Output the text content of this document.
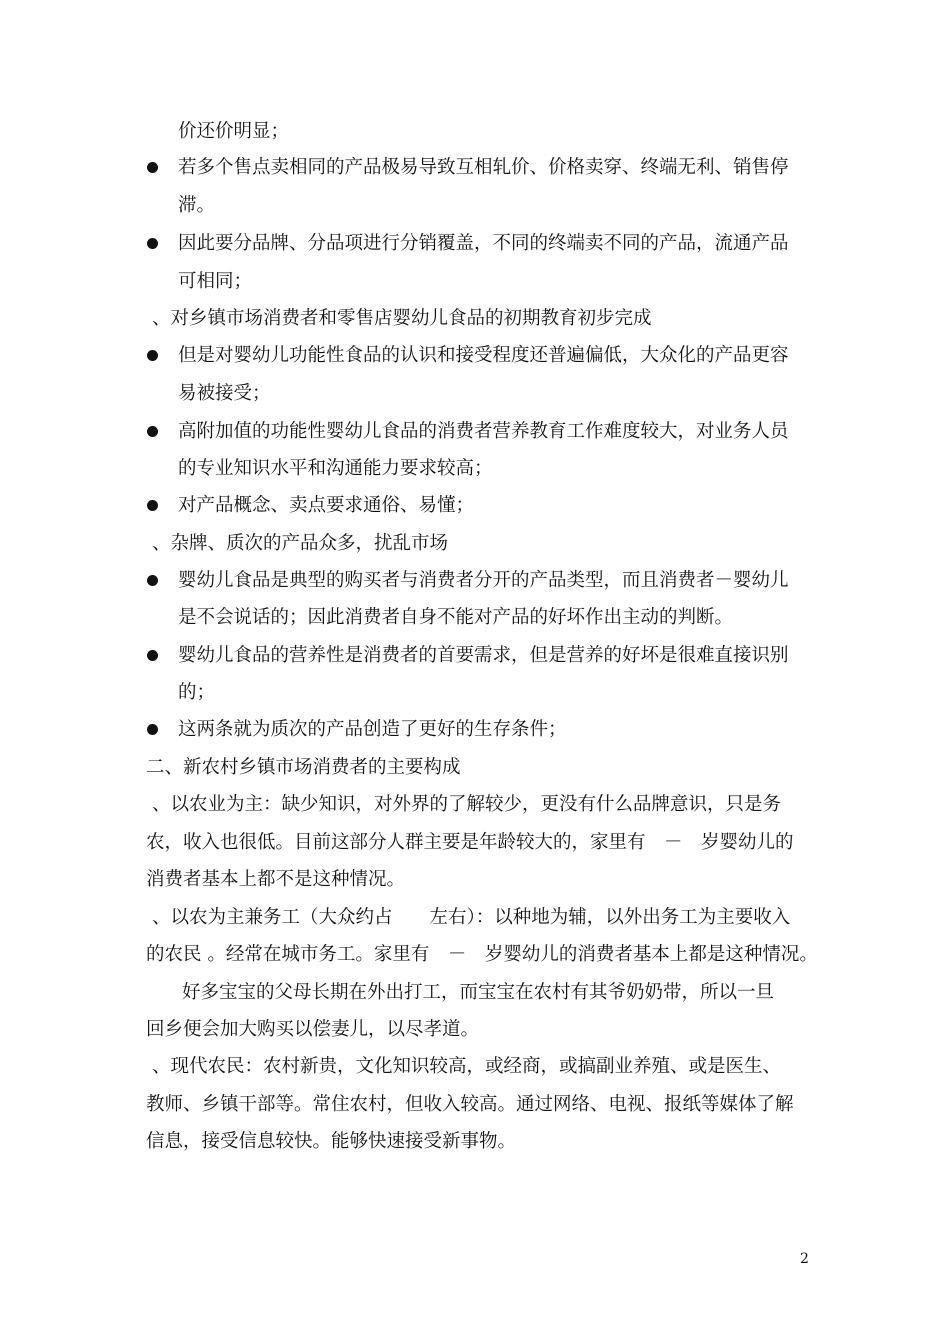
价还价明显；
若多个售点卖相同的产品极易导致互相轧价、价格卖穿、终端无利、销售停
滞。
因此要分品牌、分品项进行分销覆盖，不同的终端卖不同的产品，流通产品
可相同；
、对乡镇市场消费者和零售店婴幼儿食品的初期教育初步完成
但是对婴幼儿功能性食品的认识和接受程度还普遍偏低，大众化的产品更容
易被接受；
高附加值的功能性婴幼儿食品的消费者营养教育工作难度较大，对业务人员
的专业知识水平和沟通能力要求较高；
对产品概念、卖点要求通俗、易懂；
、杂牌、质次的产品众多，扰乱市场
婴幼儿食品是典型的购买者与消费者分开的产品类型，而且消费者－婴幼儿
是不会说话的；因此消费者自身不能对产品的好坏作出主动的判断。
婴幼儿食品的营养性是消费者的首要需求，但是营养的好坏是很难直接识别
的；
这两条就为质次的产品创造了更好的生存条件；
二、新农村乡镇市场消费者的主要构成
、以农业为主：缺少知识，对外界的了解较少，更没有什么品牌意识，只是务
农，收入也很低。目前这部分人群主要是年龄较大的，家里有　－　岁婴幼儿的
消费者基本上都不是这种情况。
、以农为主兼务工（大众约占　　左右）：以种地为辅，以外出务工为主要收入
的农民 。经常在城市务工。家里有　－　岁婴幼儿的消费者基本上都是这种情况。
好多宝宝的父母长期在外出打工，而宝宝在农村有其爷奶奶带，所以一旦
回乡便会加大购买以偿妻儿，以尽孝道。
、现代农民：农村新贵，文化知识较高，或经商，或搞副业养殖、或是医生、
教师、乡镇干部等。常住农村，但收入较高。通过网络、电视、报纸等媒体了解
信息，接受信息较快。能够快速接受新事物。
2
